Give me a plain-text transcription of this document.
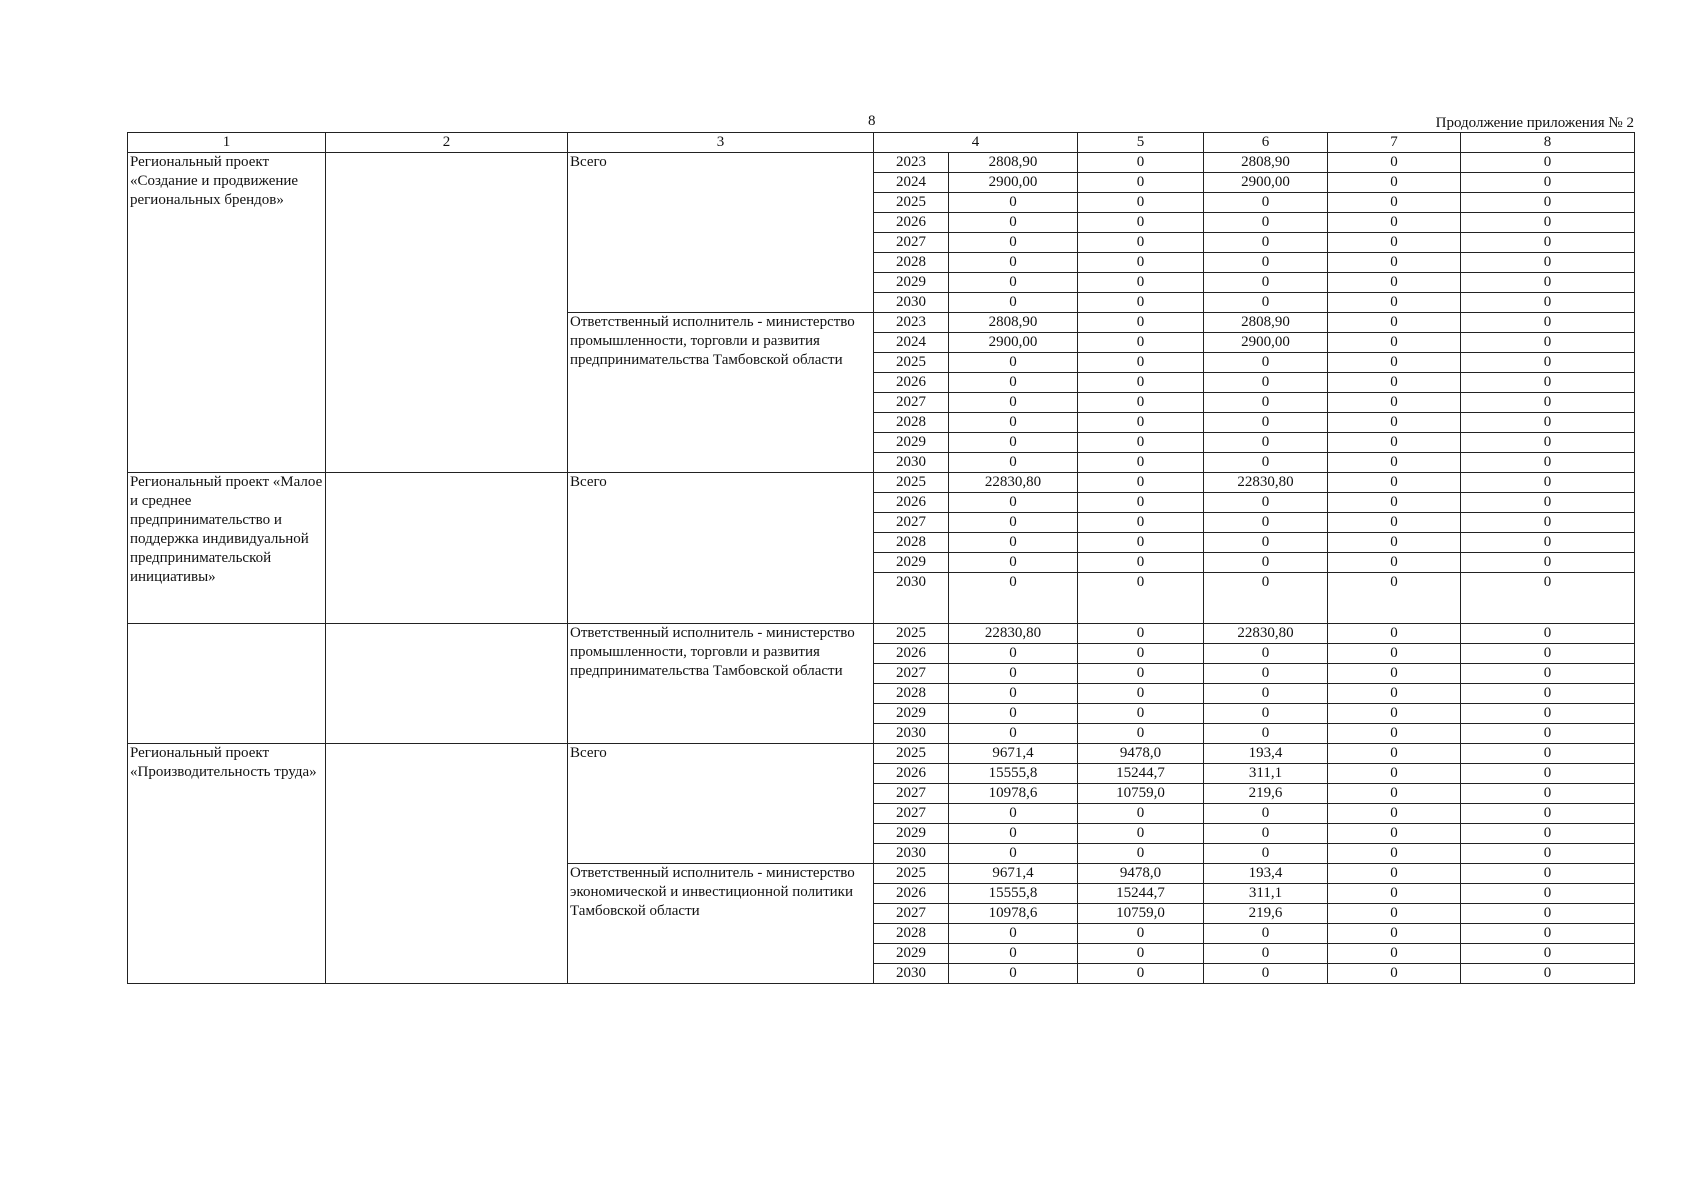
8	Продолжение приложения № 2
1	2	3	4		5	6	7	8
Региональный проект «Создание и продвижение региональных брендов»		Всего	2023	2808,90	0	2808,90	0	0
			2024	2900,00	0	2900,00	0	0
			2025	0	0	0	0	0
			2026	0	0	0	0	0
			2027	0	0	0	0	0
			2028	0	0	0	0	0
			2029	0	0	0	0	0
			2030	0	0	0	0	0
		Ответственный исполнитель - министерство промышленности, торговли и развития предпринимательства Тамбовской области	2023	2808,90	0	2808,90	0	0
			2024	2900,00	0	2900,00	0	0
			2025	0	0	0	0	0
			2026	0	0	0	0	0
			2027	0	0	0	0	0
			2028	0	0	0	0	0
			2029	0	0	0	0	0
			2030	0	0	0	0	0
Региональный проект «Малое и среднее предпринимательство и поддержка индивидуальной предпринимательской инициативы»		Всего	2025	22830,80	0	22830,80	0	0
			2026	0	0	0	0	0
			2027	0	0	0	0	0
			2028	0	0	0	0	0
			2029	0	0	0	0	0
			2030	0	0	0	0	0
		Ответственный исполнитель - министерство промышленности, торговли и развития предпринимательства Тамбовской области	2025	22830,80	0	22830,80	0	0
			2026	0	0	0	0	0
			2027	0	0	0	0	0
			2028	0	0	0	0	0
			2029	0	0	0	0	0
			2030	0	0	0	0	0
Региональный проект «Производительность труда»		Всего	2025	9671,4	9478,0	193,4	0	0
			2026	15555,8	15244,7	311,1	0	0
			2027	10978,6	10759,0	219,6	0	0
			2027	0	0	0	0	0
			2029	0	0	0	0	0
			2030	0	0	0	0	0
		Ответственный исполнитель - министерство экономической и инвестиционной политики Тамбовской области	2025	9671,4	9478,0	193,4	0	0
			2026	15555,8	15244,7	311,1	0	0
			2027	10978,6	10759,0	219,6	0	0
			2028	0	0	0	0	0
			2029	0	0	0	0	0
			2030	0	0	0	0	0
